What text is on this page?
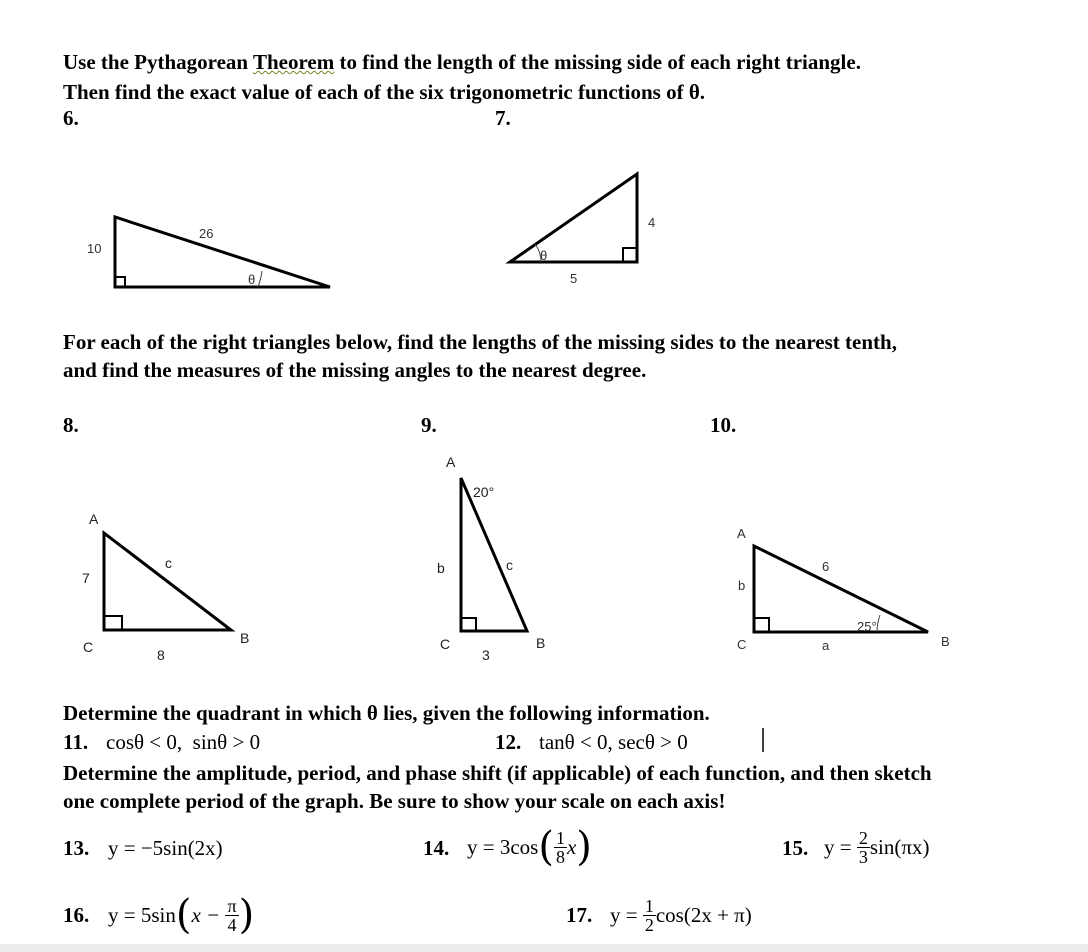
Use the Pythagorean Theorem to find the length of the missing side of each right triangle.
Then find the exact value of each of the six trigonometric functions of θ.
6.	7.
10
26
θ
4
5
θ
A
7
c
C	8
B
A
20°
b	c
C	B
3
A
6
b
25°
C	a	B
For each of the right triangles below, find the lengths of the missing sides to the nearest tenth,
and find the measures of the missing angles to the nearest degree.
8.	9.	10.
Determine the quadrant in which θ lies, given the following information.
11. cosθ < 0, sinθ > 0	12. tanθ < 0, secθ > 0
Determine the amplitude, period, and phase shift (if applicable) of each function, and then sketch
one complete period of the graph. Be sure to show your scale on each axis!
13. y = −5sin(2x)	14. y = 3cos ( $\frac{1}{8}$ x )	15. y =
$\frac{2}{3} \sin(\pi x)$
16. y = 5sin ( x −
$\frac{\pi}{4}$ )	17. y =
$\frac{1}{2} \cos(2x + \pi)$
